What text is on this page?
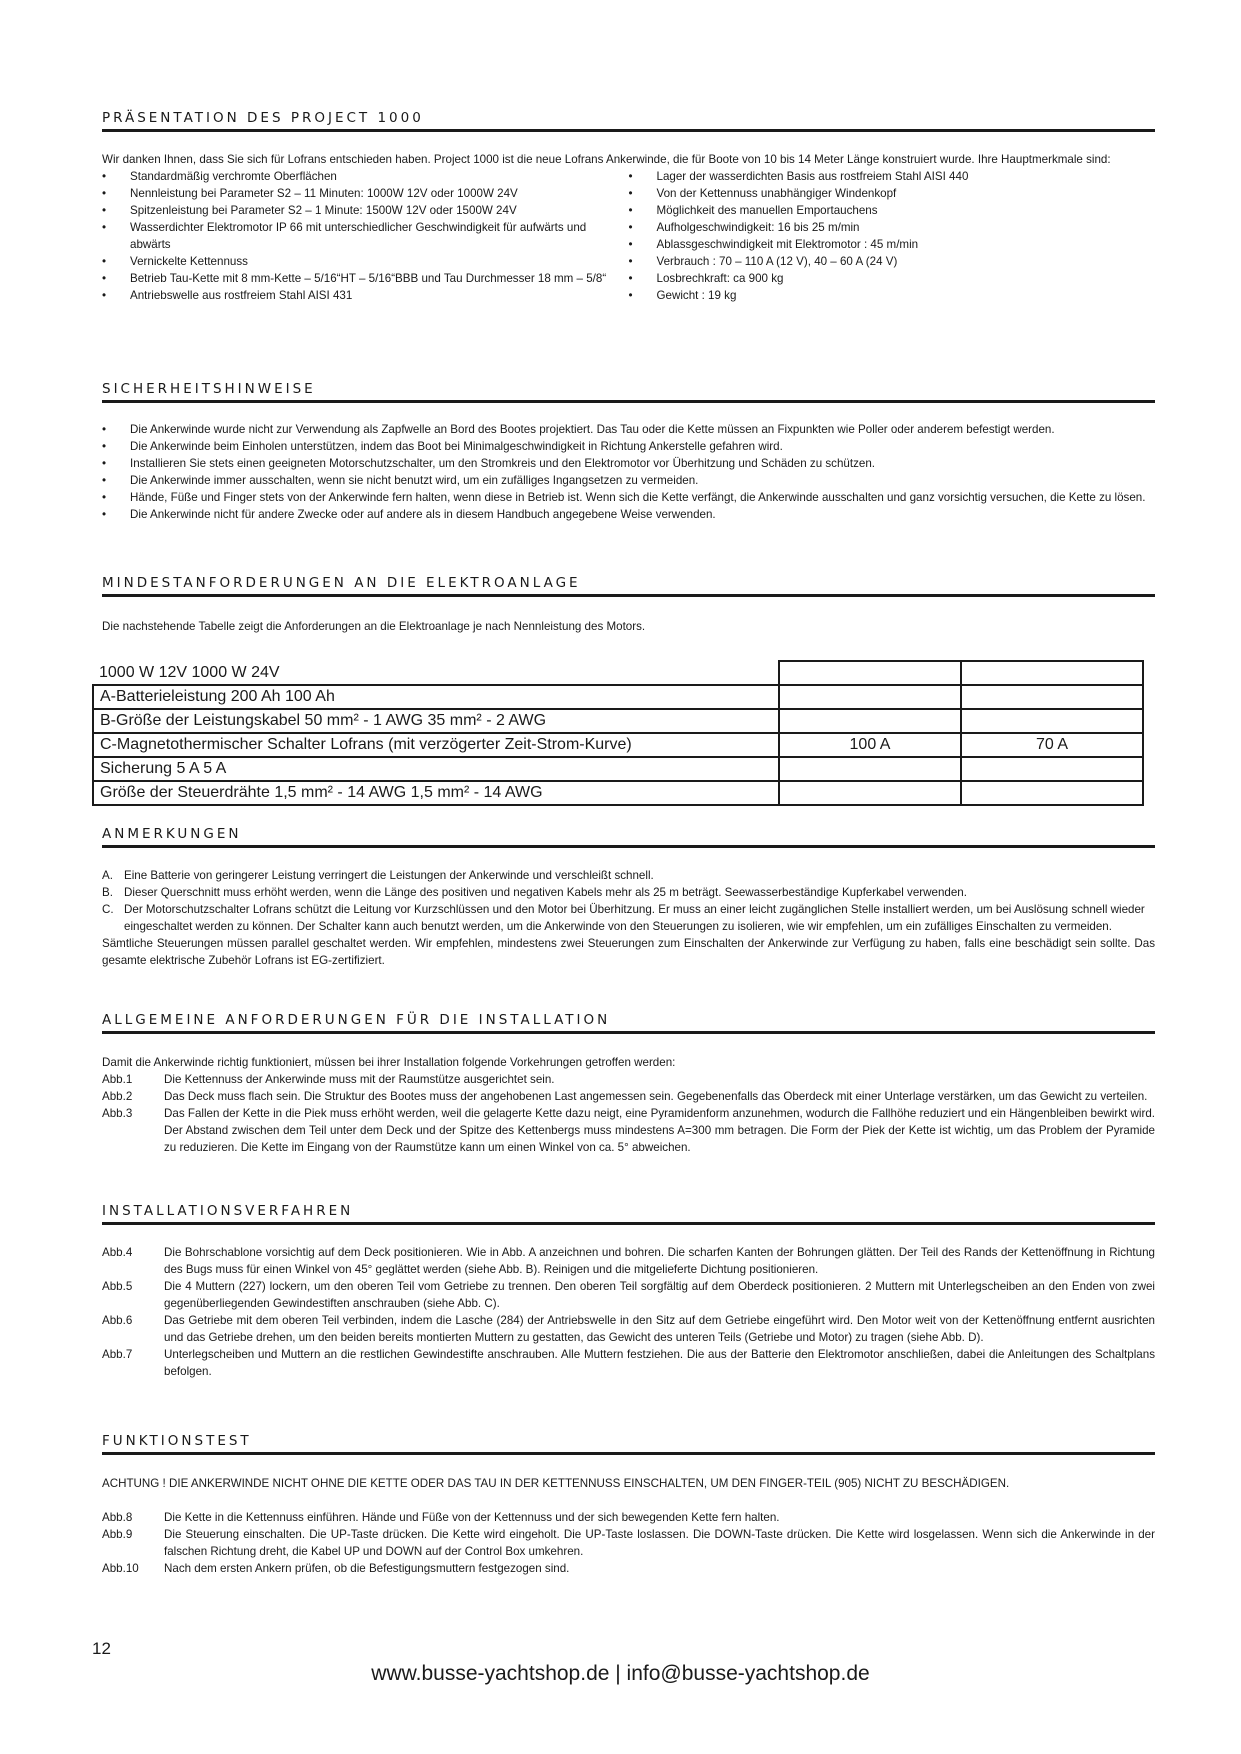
PRÄSENTATION DES PROJECT 1000

Wir danken Ihnen, dass Sie sich für Lofrans entschieden haben. Project 1000 ist die neue Lofrans Ankerwinde, die für Boote von 10 bis 14 Meter Länge konstruiert wurde. Ihre Hauptmerkmale sind:

• Standardmäßig verchromte Oberflächen
• Nennleistung bei Parameter S2 – 11 Minuten: 1000W 12V oder 1000W 24V
• Spitzenleistung bei Parameter S2 – 1 Minute: 1500W 12V oder 1500W 24V
• Wasserdichter Elektromotor IP 66 mit unterschiedlicher Geschwindigkeit für aufwärts und abwärts
• Vernickelte Kettennuss
• Betrieb Tau-Kette mit 8 mm-Kette – 5/16“HT – 5/16“BBB und Tau Durchmesser 18 mm – 5/8“
• Antriebswelle aus rostfreiem Stahl AISI 431
• Lager der wasserdichten Basis aus rostfreiem Stahl AISI 440
• Von der Kettennuss unabhängiger Windenkopf
• Möglichkeit des manuellen Emportauchens
• Aufholgeschwindigkeit: 16 bis 25 m/min
• Ablassgeschwindigkeit mit Elektromotor : 45 m/min
• Verbrauch : 70 – 110 A (12 V), 40 – 60 A (24 V)
• Losbrechkraft: ca 900 kg
• Gewicht : 19 kg
SICHERHEITSHINWEISE
• Die Ankerwinde wurde nicht zur Verwendung als Zapfwelle an Bord des Bootes projektiert. Das Tau oder die Kette müssen an Fixpunkten wie Poller oder anderem befestigt werden.
• Die Ankerwinde beim Einholen unterstützen, indem das Boot bei Minimalgeschwindigkeit in Richtung Ankerstelle gefahren wird.
• Installieren Sie stets einen geeigneten Motorschutzschalter, um den Stromkreis und den Elektromotor vor Überhitzung und Schäden zu schützen.
• Die Ankerwinde immer ausschalten, wenn sie nicht benutzt wird, um ein zufälliges Ingangsetzen zu vermeiden.
• Hände, Füße und Finger stets von der Ankerwinde fern halten, wenn diese in Betrieb ist. Wenn sich die Kette verfängt, die Ankerwinde ausschalten und ganz vorsichtig versuchen, die Kette zu lösen.
• Die Ankerwinde nicht für andere Zwecke oder auf andere als in diesem Handbuch angegebene Weise verwenden.
MINDESTANFORDERUNGEN AN DIE ELEKTROANLAGE
Die nachstehende Tabelle zeigt die Anforderungen an die Elektroanlage je nach Nennleistung des Motors.
1000 W 12V 1000 W 24V		
A-Batterieleistung 200 Ah 100 Ah		
B-Größe der Leistungskabel 50 mm² - 1 AWG 35 mm² - 2 AWG		
C-Magnetothermischer Schalter Lofrans (mit verzögerter Zeit-Strom-Kurve)	100 A	70 A
Sicherung 5 A 5 A		
Größe der Steuerdrähte 1,5 mm² - 14 AWG 1,5 mm² - 14 AWG		
ANMERKUNGEN
A. Eine Batterie von geringerer Leistung verringert die Leistungen der Ankerwinde und verschleißt schnell.
B. Dieser Querschnitt muss erhöht werden, wenn die Länge des positiven und negativen Kabels mehr als 25 m beträgt. Seewasserbeständige Kupferkabel verwenden.
C. Der Motorschutzschalter Lofrans schützt die Leitung vor Kurzschlüssen und den Motor bei Überhitzung. Er muss an einer leicht zugänglichen Stelle installiert werden, um bei Auslösung schnell wieder eingeschaltet werden zu können. Der Schalter kann auch benutzt werden, um die Ankerwinde von den Steuerungen zu isolieren, wie wir empfehlen, um ein zufälliges Einschalten zu vermeiden.

Sämtliche Steuerungen müssen parallel geschaltet werden. Wir empfehlen, mindestens zwei Steuerungen zum Einschalten der Ankerwinde zur Verfügung zu haben, falls eine beschädigt sein sollte. Das gesamte elektrische Zubehör Lofrans ist EG-zertifiziert.

ALLGEMEINE ANFORDERUNGEN FÜR DIE INSTALLATION

Damit die Ankerwinde richtig funktioniert, müssen bei ihrer Installation folgende Vorkehrungen getroffen werden:

Abb.1	Die Kettennuss der Ankerwinde muss mit der Raumstütze ausgerichtet sein.
Abb.2	Das Deck muss flach sein. Die Struktur des Bootes muss der angehobenen Last angemessen sein. Gegebenenfalls das Oberdeck mit einer Unterlage verstärken, um das Gewicht zu verteilen.
Abb.3	Das Fallen der Kette in die Piek muss erhöht werden, weil die gelagerte Kette dazu neigt, eine Pyramidenform anzunehmen, wodurch die Fallhöhe reduziert und ein Hängenbleiben bewirkt wird. Der Abstand zwischen dem Teil unter dem Deck und der Spitze des Kettenbergs muss mindestens A=300 mm betragen. Die Form der Piek der Kette ist wichtig, um das Problem der Pyramide zu reduzieren. Die Kette im Eingang von der Raumstütze kann um einen Winkel von ca. 5° abweichen.
INSTALLATIONSVERFAHREN
Abb.4	Die Bohrschablone vorsichtig auf dem Deck positionieren. Wie in Abb. A anzeichnen und bohren. Die scharfen Kanten der Bohrungen glätten. Der Teil des Rands der Kettenöffnung in Richtung des Bugs muss für einen Winkel von 45° geglättet werden (siehe Abb. B). Reinigen und die mitgelieferte Dichtung positionieren.
Abb.5	Die 4 Muttern (227) lockern, um den oberen Teil vom Getriebe zu trennen. Den oberen Teil sorgfältig auf dem Oberdeck positionieren. 2 Muttern mit Unterlegscheiben an den Enden von zwei gegenüberliegenden Gewindestiften anschrauben (siehe Abb. C).
Abb.6	Das Getriebe mit dem oberen Teil verbinden, indem die Lasche (284) der Antriebswelle in den Sitz auf dem Getriebe eingeführt wird. Den Motor weit von der Kettenöffnung entfernt ausrichten und das Getriebe drehen, um den beiden bereits montierten Muttern zu gestatten, das Gewicht des unteren Teils (Getriebe und Motor) zu tragen (siehe Abb. D).
Abb.7	Unterlegscheiben und Muttern an die restlichen Gewindestifte anschrauben. Alle Muttern festziehen. Die aus der Batterie den Elektromotor anschließen, dabei die Anleitungen des Schaltplans befolgen.
FUNKTIONSTEST

ACHTUNG ! DIE ANKERWINDE NICHT OHNE DIE KETTE ODER DAS TAU IN DER KETTENNUSS EINSCHALTEN, UM DEN FINGER-TEIL (905) NICHT ZU BESCHÄDIGEN.

Abb.8	Die Kette in die Kettennuss einführen. Hände und Füße von der Kettennuss und der sich bewegenden Kette fern halten.
Abb.9	Die Steuerung einschalten. Die UP-Taste drücken. Die Kette wird eingeholt. Die UP-Taste loslassen. Die DOWN-Taste drücken. Die Kette wird losgelassen. Wenn sich die Ankerwinde in der falschen Richtung dreht, die Kabel UP und DOWN auf der Control Box umkehren.
Abb.10	Nach dem ersten Ankern prüfen, ob die Befestigungsmuttern festgezogen sind.
12
www.busse-yachtshop.de | info@busse-yachtshop.de
